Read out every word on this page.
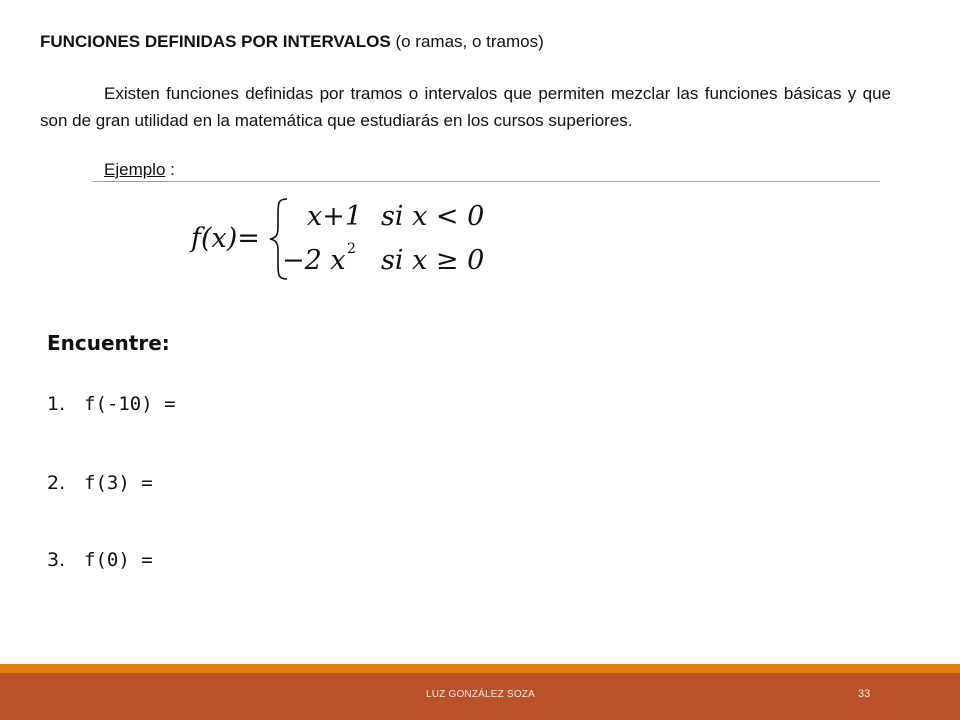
FUNCIONES DEFINIDAS POR INTERVALOS (o ramas, o tramos)
Existen funciones definidas por tramos o intervalos que permiten mezclar las funciones básicas y que son de gran utilidad en la matemática que estudiarás en los cursos superiores.
Ejemplo :
f(x)=
x+1 si x < 0
−2 x 2 si x ≥ 0
Encuentre:
1. f(-10) =
2. f(3) =
3. f(0) =
LUZ GONZÁLEZ SOZA	33
